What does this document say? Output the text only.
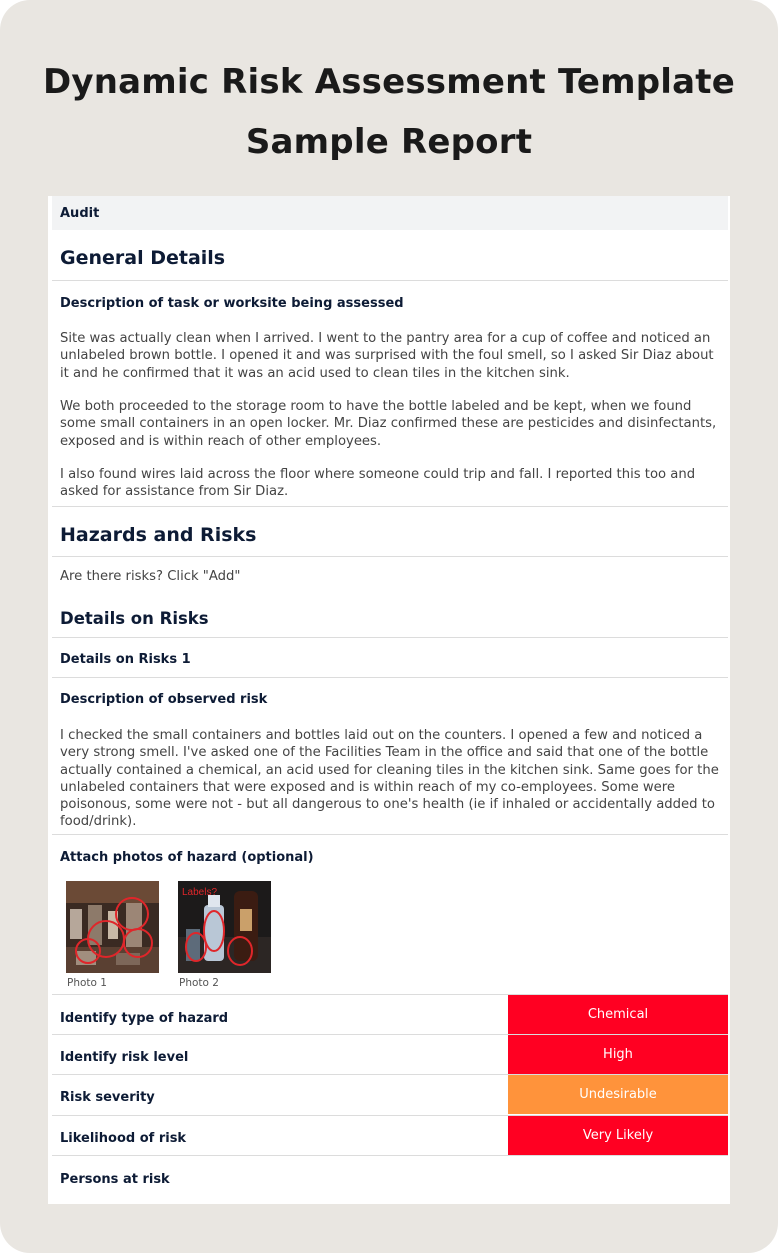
Dynamic Risk Assessment Template
Sample Report
Audit
General Details
Description of task or worksite being assessed
Site was actually clean when I arrived. I went to the pantry area for a cup of coffee and noticed an unlabeled brown bottle. I opened it and was surprised with the foul smell, so I asked Sir Diaz about it and he confirmed that it was an acid used to clean tiles in the kitchen sink.
We both proceeded to the storage room to have the bottle labeled and be kept, when we found some small containers in an open locker. Mr. Diaz confirmed these are pesticides and disinfectants, exposed and is within reach of other employees.
I also found wires laid across the floor where someone could trip and fall. I reported this too and asked for assistance from Sir Diaz.
Hazards and Risks
Are there risks? Click "Add"
Details on Risks
Details on Risks 1
Description of observed risk
I checked the small containers and bottles laid out on the counters. I opened a few and noticed a very strong smell. I've asked one of the Facilities Team in the office and said that one of the bottle actually contained a chemical, an acid used for cleaning tiles in the kitchen sink. Same goes for the unlabeled containers that were exposed and is within reach of my co-employees. Some were poisonous, some were not - but all dangerous to one's health (ie if inhaled or accidentally added to food/drink).
Attach photos of hazard (optional)
Photo 1
Labels?
Photo 2
Identify type of hazard	Chemical
Identify risk level	High
Risk severity	Undesirable
Likelihood of risk	Very Likely
Persons at risk
